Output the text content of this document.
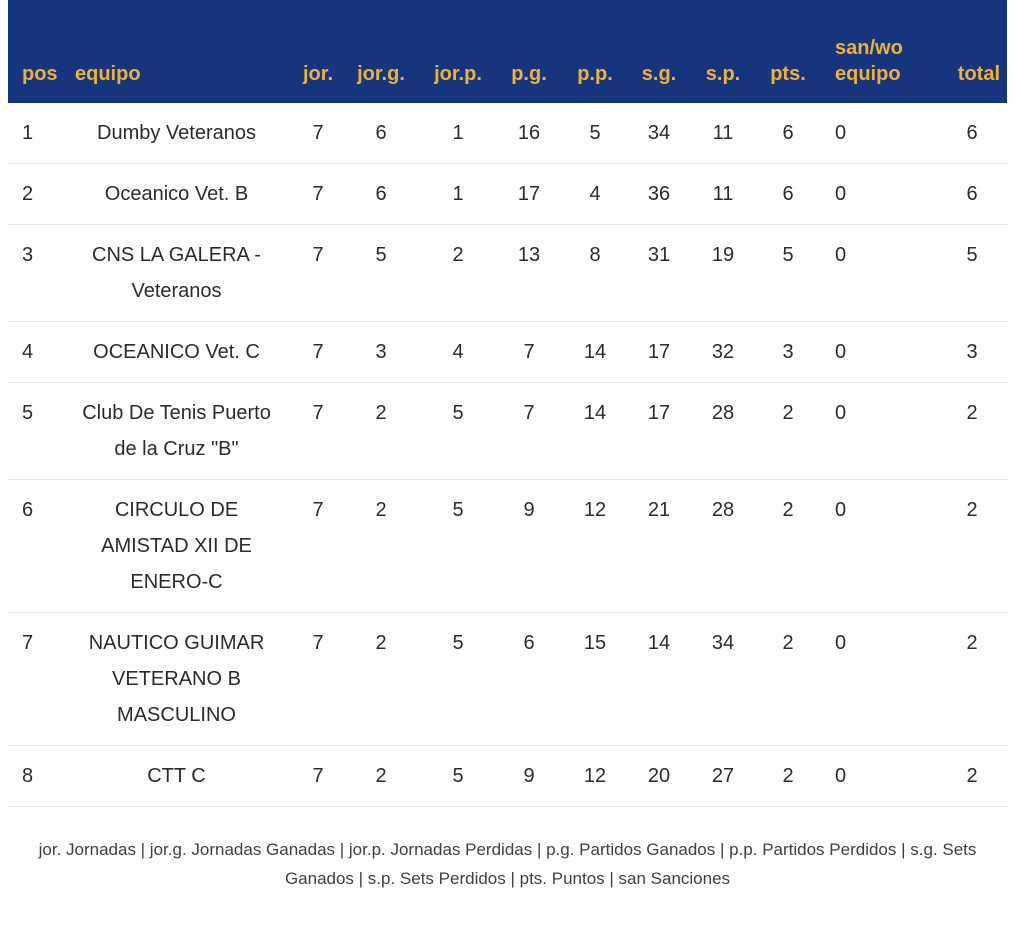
pos	equipo	jor.	jor.g.	jor.p.	p.g.	p.p.	s.g.	s.p.	pts.	san/wo equipo	total
1	Dumby Veteranos	7	6	1	16	5	34	11	6	0	6
2	Oceanico Vet. B	7	6	1	17	4	36	11	6	0	6
3	CNS LA GALERA - Veteranos	7	5	2	13	8	31	19	5	0	5
4	OCEANICO Vet. C	7	3	4	7	14	17	32	3	0	3
5	Club De Tenis Puerto de la Cruz "B"	7	2	5	7	14	17	28	2	0	2
6	CIRCULO DE AMISTAD XII DE ENERO-C	7	2	5	9	12	21	28	2	0	2
7	NAUTICO GUIMAR VETERANO B MASCULINO	7	2	5	6	15	14	34	2	0	2
8	CTT C	7	2	5	9	12	20	27	2	0	2

jor. Jornadas | jor.g. Jornadas Ganadas | jor.p. Jornadas Perdidas | p.g. Partidos Ganados | p.p. Partidos Perdidos | s.g. Sets Ganados | s.p. Sets Perdidos | pts. Puntos | san Sanciones
